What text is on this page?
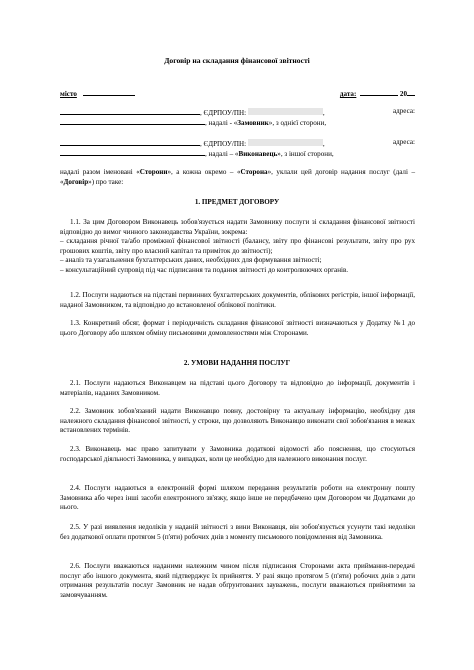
Договір на складання фінансової звітності
місто	дата:	20
, ЄДРПОУ/ПН:	,	адреса:
, надалі - «Замовник», з однієї сторони,
, ЄДРПОУ/ПН:	,	адреса:
, надалі – «Виконавець», з іншої сторони,

надалі разом іменовані «Сторони», а кожна окремо – «Сторона», уклали цей договір надання послуг (далі – «Договір») про таке:

1. ПРЕДМЕТ ДОГОВОРУ

1.1. За цим Договором Виконавець зобов'язується надати Замовнику послуги зі складання фінансової звітності відповідно до вимог чинного законодавства України, зокрема:

– складання річної та/або проміжної фінансової звітності (балансу, звіту про фінансові результати, звіту про рух грошових коштів, звіту про власний капітал та приміток до звітності);

– аналіз та узагальнення бухгалтерських даних, необхідних для формування звітності;

– консультаційний супровід під час підписання та подання звітності до контролюючих органів.

1.2. Послуги надаються на підставі первинних бухгалтерських документів, облікових регістрів, іншої інформації, наданої Замовником, та відповідно до встановленої облікової політики.

1.3. Конкретний обсяг, формат і періодичність складання фінансової звітності визначаються у Додатку №1 до цього Договору або шляхом обміну письмовими домовленостями між Сторонами.

2. УМОВИ НАДАННЯ ПОСЛУГ

2.1. Послуги надаються Виконавцем на підставі цього Договору та відповідно до інформації, документів і матеріалів, наданих Замовником.

2.2. Замовник зобов'язаний надати Виконавцю повну, достовірну та актуальну інформацію, необхідну для належного складання фінансової звітності, у строки, що дозволяють Виконавцю виконати свої зобов'язання в межах встановлених термінів.

2.3. Виконавець має право запитувати у Замовника додаткові відомості або пояснення, що стосуються господарської діяльності Замовника, у випадках, коли це необхідно для належного виконання послуг.

2.4. Послуги надаються в електронній формі шляхом передання результатів роботи на електронну пошту Замовника або через інші засоби електронного зв'язку, якщо інше не передбачено цим Договором чи Додатками до нього.

2.5. У разі виявлення недоліків у наданій звітності з вини Виконавця, він зобов'язується усунути такі недоліки без додаткової оплати протягом 5 (п'яти) робочих днів з моменту письмового повідомлення від Замовника.

2.6. Послуги вважаються наданими належним чином після підписання Сторонами акта приймання-передачі послуг або іншого документа, який підтверджує їх прийняття. У разі якщо протягом 5 (п'яти) робочих днів з дати отримання результатів послуг Замовник не надав обґрунтованих зауважень, послуги вважаються прийнятими за замовчуванням.
